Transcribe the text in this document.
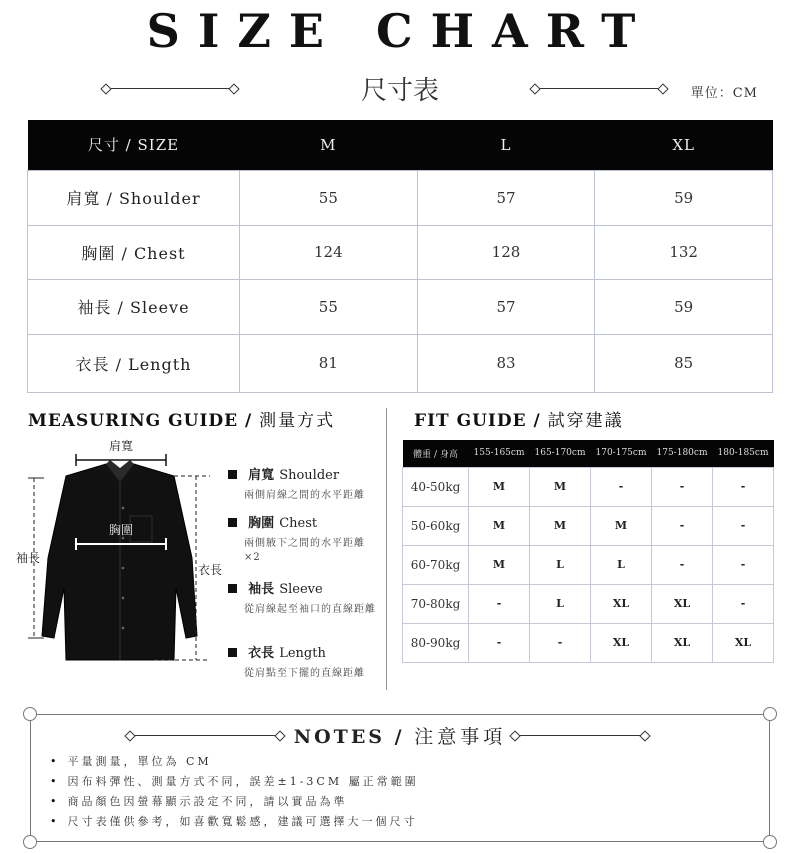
SIZE CHART
尺寸表	單位：CM
尺寸 / SIZE	M	L	XL
肩寬 / Shoulder	55	57	59
胸圍 / Chest	124	128	132
袖長 / Sleeve	55	57	59
衣長 / Length	81	83	85
MEASURING GUIDE / 測量方式	FIT GUIDE / 試穿建議
肩寬
胸圍
袖長
衣長
肩寬 Shoulder
兩側肩線之間的水平距離
胸圍 Chest
兩側腋下之間的水平距離
×2
袖長 Sleeve
從肩線起至袖口的直線距離
衣長 Length
從肩點至下擺的直線距離
體重 / 身高	155-165cm	165-170cm	170-175cm	175-180cm	180-185cm
40-50kg	M	M	-	-	-
50-60kg	M	M	M	-	-
60-70kg	M	L	L	-	-
70-80kg	-	L	XL	XL	-
80-90kg	-	-	XL	XL	XL
NOTES / 注意事項
• 平量測量，單位為 CM
• 因布料彈性、測量方式不同，誤差±1-3CM 屬正常範圍
• 商品顏色因螢幕顯示設定不同，請以實品為準
• 尺寸表僅供參考，如喜歡寬鬆感，建議可選擇大一個尺寸
